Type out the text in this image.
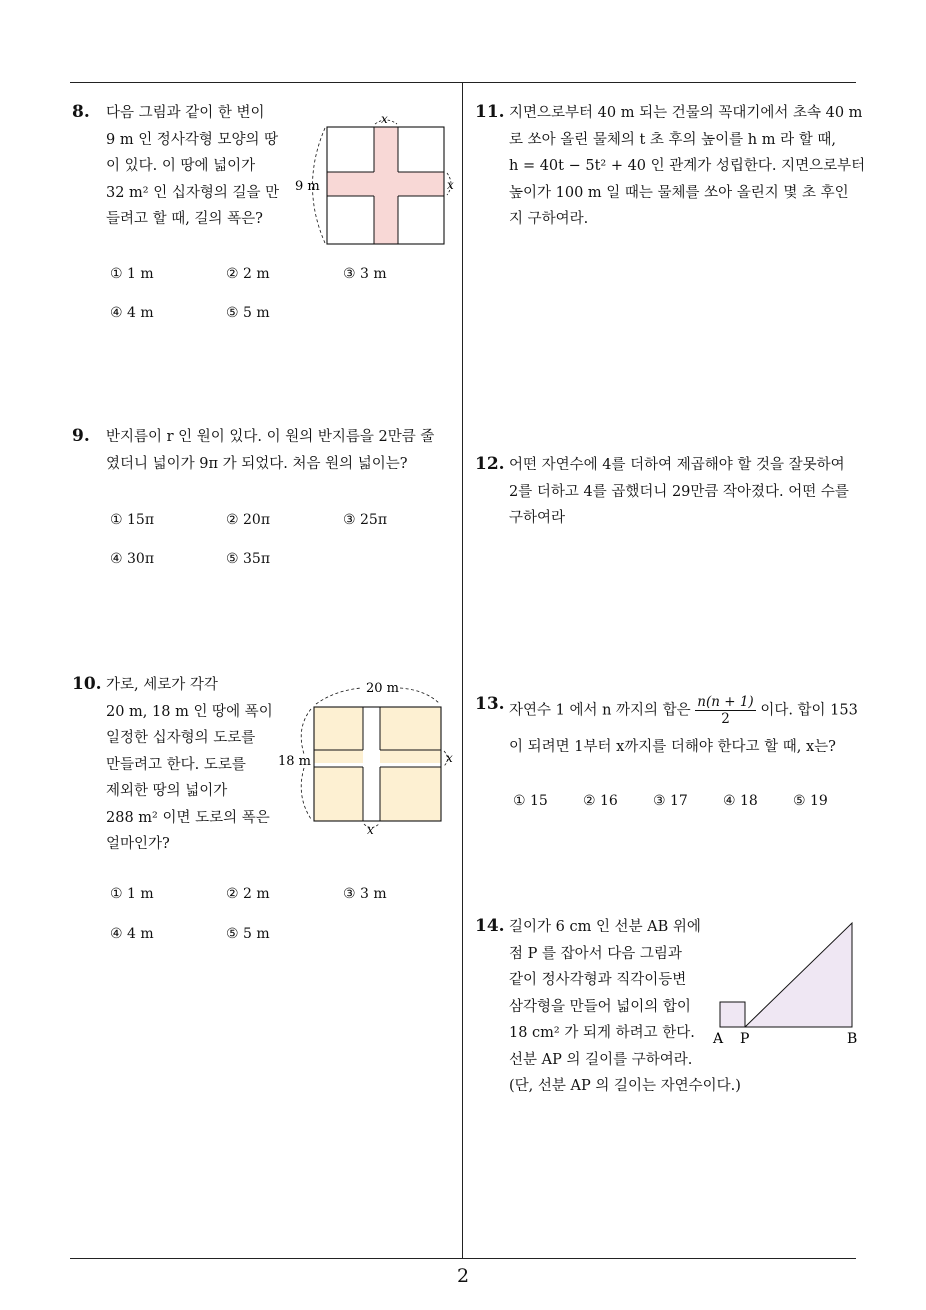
2
8. 다음 그림과 같이 한 변이

9 m 인 정사각형 모양의 땅

이 있다. 이 땅에 넓이가

32 m² 인 십자형의 길을 만

들려고 할 때, 길의 폭은?

x
x
9 m
① 1 m	② 2 m	③ 3 m
④ 4 m	⑤ 5 m
9. 반지름이 r 인 원이 있다. 이 원의 반지름을 2만큼 줄

였더니 넓이가 9π 가 되었다. 처음 원의 넓이는?

① 15π	② 20π	③ 25π
④ 30π	⑤ 35π
10. 가로, 세로가 각각

20 m, 18 m 인 땅에 폭이

일정한 십자형의 도로를

만들려고 한다. 도로를

제외한 땅의 넓이가

288 m² 이면 도로의 폭은

얼마인가?

20 m
18 m	x
x
① 1 m	② 2 m	③ 3 m
④ 4 m	⑤ 5 m
11. 지면으로부터 40 m 되는 건물의 꼭대기에서 초속 40 m

로 쏘아 올린 물체의 t 초 후의 높이를 h m 라 할 때,

h = 40t − 5t² + 40 인 관계가 성립한다. 지면으로부터

높이가 100 m 일 때는 물체를 쏘아 올린지 몇 초 후인

지 구하여라.

12. 어떤 자연수에 4를 더하여 제곱해야 할 것을 잘못하여

2를 더하고 4를 곱했더니 29만큼 작아졌다. 어떤 수를

구하여라

13. 자연수 1 에서 n 까지의 합은 $\frac{n(n + 1)}{2}$ 이다. 합이 153
이 되려면 1부터 x까지를 더해야 한다고 할 때, x는?
① 15	② 16	③ 17	④ 18	⑤ 19
14. 길이가 6 cm 인 선분 AB 위에

점 P 를 잡아서 다음 그림과

같이 정사각형과 직각이등변

삼각형을 만들어 넓이의 합이

18 cm² 가 되게 하려고 한다.

선분 AP 의 길이를 구하여라.

(단, 선분 AP 의 길이는 자연수이다.)

A P	B
